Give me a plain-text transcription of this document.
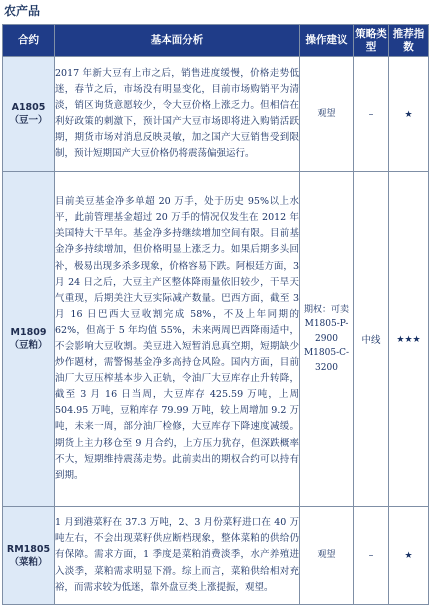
农产品
合约	基本面分析	操作建议	策略类型	推荐指数

A1805
（豆一）	2017 年新大豆有上市之后，销售进度缓慢，价格走势低迷，春节之后，市场没有明显变化，目前市场购销平为清淡，销区询货意愿较少，令大豆价格上涨乏力。但相信在利好政策的刺激下，预计国产大豆市场即将进入购销活跃期，期货市场对消息反映灵敏，加之国产大豆销售受到限制，预计短期国产大豆价格仍将震荡偏强运行。	观望	–	★

M1809
（豆粕）	目前美豆基金净多单超 20 万手，处于历史 95%以上水平，此前管理基金超过 20 万手的情况仅发生在 2012 年美国特大干旱年。基金净多持继续增加空间有限。目前基金净多持续增加，但价格明显上涨乏力。如果后期多头回补，极易出现多杀多现象，价格容易下跌。阿根廷方面，3 月 24 日之后，大豆主产区整体降雨量依旧较少，干旱天气重现，后期美注大豆实际减产数量。巴西方面，截至 3 月 16 日巴西大豆收割完成 58%，不及上年同期的 62%，但高于 5 年均值 55%，未来两周巴西降雨适中，不会影响大豆收割。美豆进入短暂消息真空期，短期缺少炒作题材，需警惕基金净多高持仓风险。国内方面，目前油厂大豆压榨基本步入正轨，令油厂大豆库存止升转降，截至 3 月 16 日当周，大豆库存 425.59 万吨，上周 504.95 万吨，豆粕库存 79.99 万吨，较上周增加 9.2 万吨，未来一周，部分油厂检修，大豆库存下降速度减缓。期货上主力移仓至 9 月合约，上方压力犹存，但深跌概率不大，短期维持震荡走势。此前卖出的期权合约可以持有到期。	期权：可卖 M1805-P-2900 M1805-C-3200	中线	★★★

RM1805
（菜粕）	1 月到港菜籽在 37.3 万吨，2、3 月份菜籽进口在 40 万吨左右，不会出现菜籽供应断档现象，整体菜粕的供给仍有保障。需求方面，1 季度是菜粕消费淡季，水产养殖进入淡季，菜粕需求明显下滑。综上而言，菜粕供给相对充裕，而需求较为低迷，靠外盘豆类上涨提振，观望。	观望	–	★
